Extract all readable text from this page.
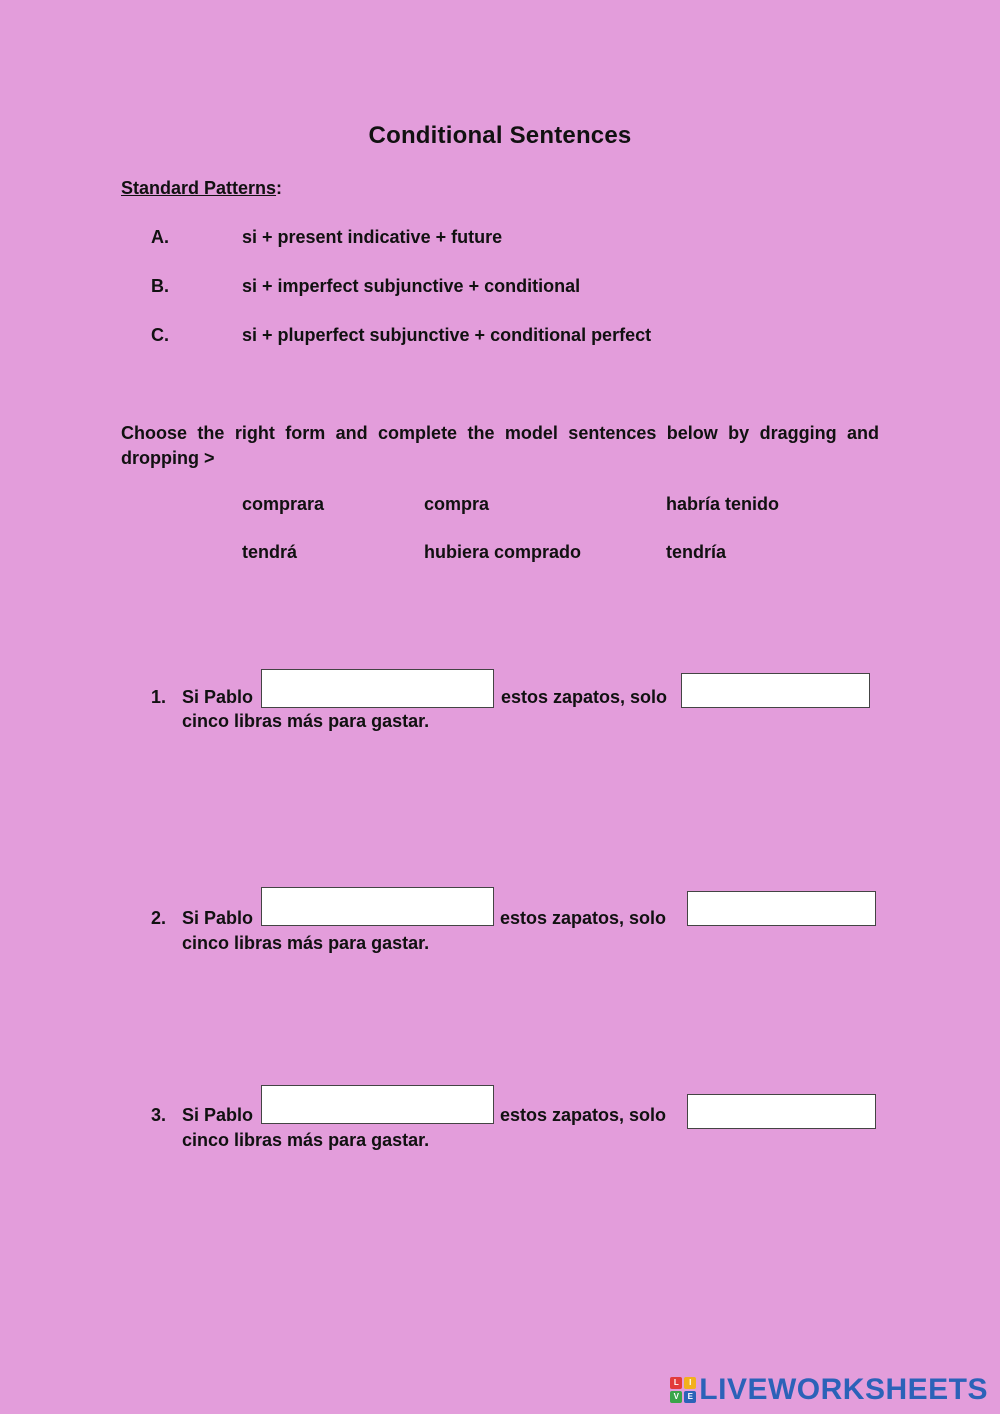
Conditional Sentences
Standard Patterns:
A.	si + present indicative + future
B.	si + imperfect subjunctive + conditional
C.	si + pluperfect subjunctive + conditional perfect
Choose the right form and complete the model sentences below by dragging and dropping >
comprara	compra	habría tenido
tendrá	hubiera comprado	tendría
1. Si Pablo	estos zapatos, solo
cinco libras más para gastar.
2. Si Pablo	estos zapatos, solo
cinco libras más para gastar.
3. Si Pablo	estos zapatos, solo
cinco libras más para gastar.
L	I
V	E LIVEWORKSHEETS
